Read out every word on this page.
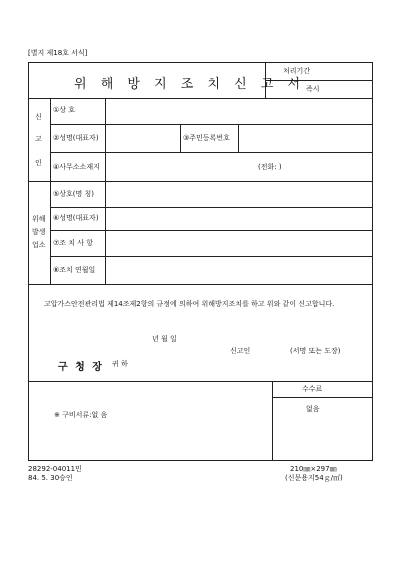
[별지 제18호 서식]
위 해 방 지 조 치 신 고 서
처리기간
즉시
신
고
인
①상 호
②성명(대표자)	③주민등록번호
④사무소소재지	(전화: )
위해
발생
업소
⑤상호(명 칭)
⑥성명(대표자)
⑦조 치 사 항
⑧조치 연월일
고압가스안전관리법 제14조제2항의 규정에 의하여 위해방지조치를 하고 위와 같이 신고합니다.
년 월 일
신고인	(서명 또는 도장)
구 청 장 귀 하
수수료
없음
※ 구비서류:없 음
28292-04011민
84. 5. 30승인
210㎜×297㎜
(신문용지54ｇ/㎡)
